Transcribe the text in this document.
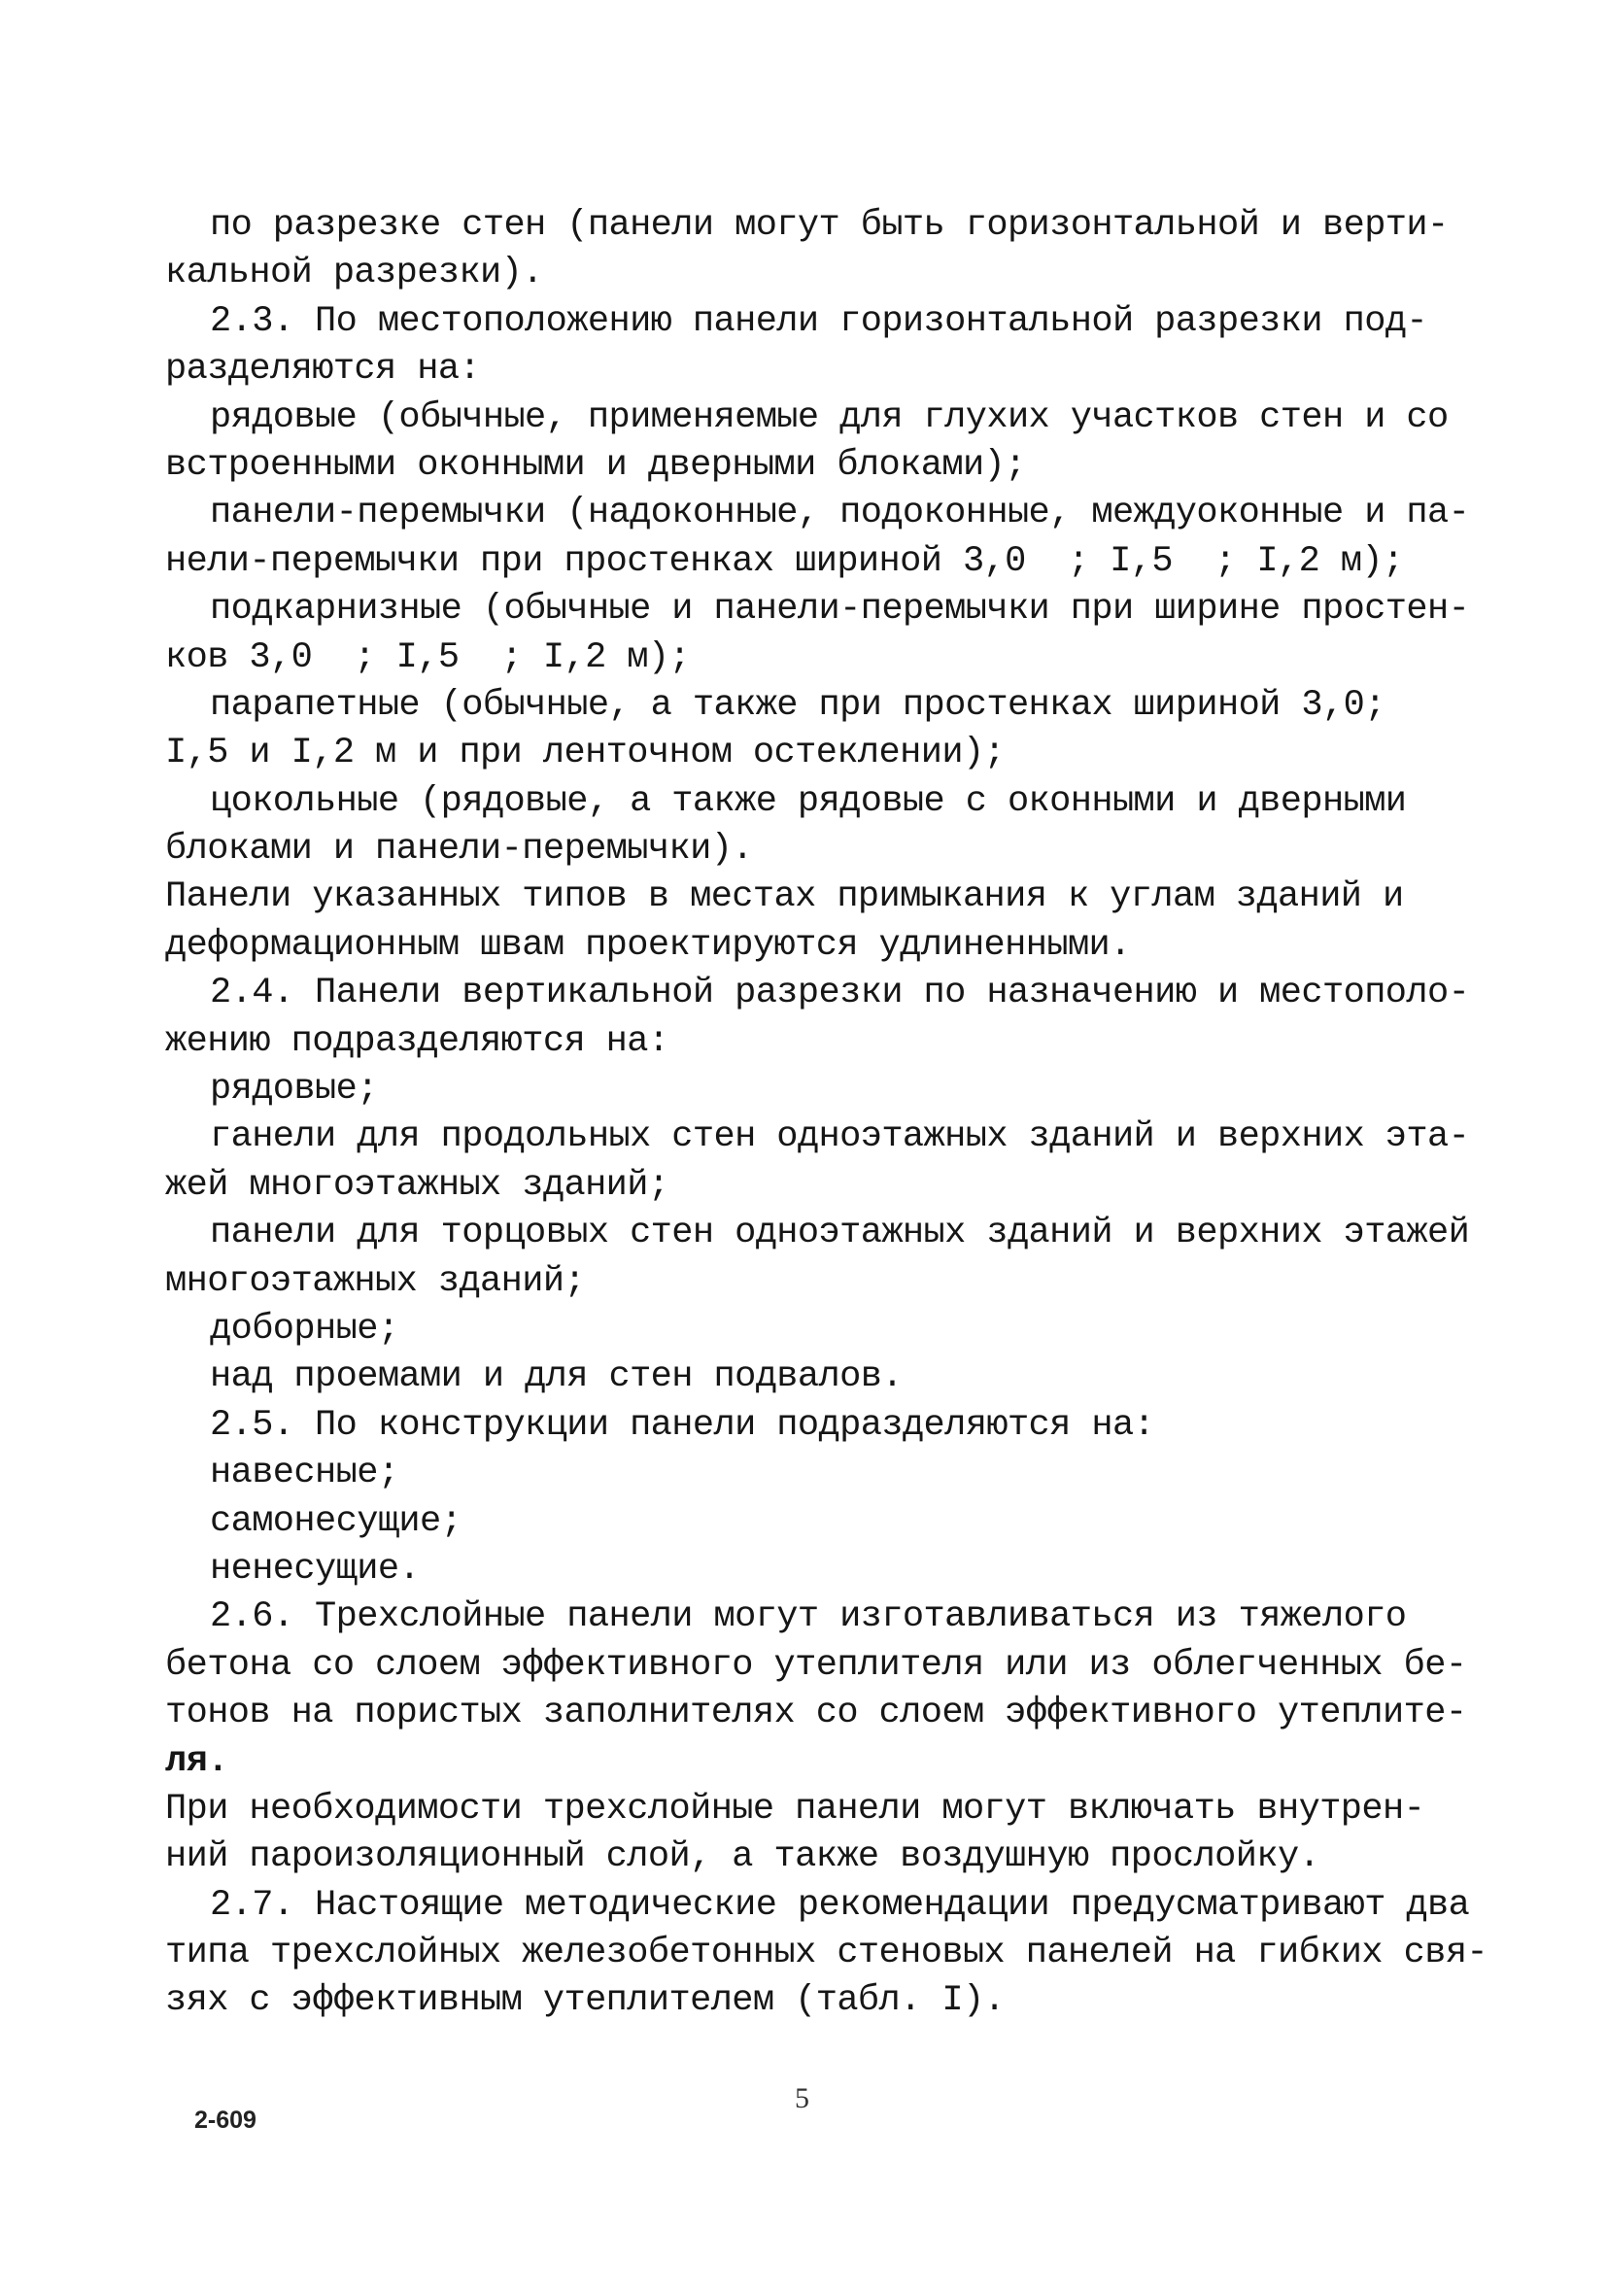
по разрезке стен (панели могут быть горизонтальной и верти-
кальной разрезки).
2.3. По местоположению панели горизонтальной разрезки под-
разделяются на:
рядовые (обычные, применяемые для глухих участков стен и со
встроенными оконными и дверными блоками);
панели-перемычки (надоконные, подоконные, междуоконные и па-
нели-перемычки при простенках шириной 3,0  ; I,5  ; I,2 м);
подкарнизные (обычные и панели-перемычки при ширине простен-
ков 3,0  ; I,5  ; I,2 м);
парапетные (обычные, а также при простенках шириной 3,0;
I,5 и I,2 м и при ленточном остеклении);
цокольные (рядовые, а также рядовые с оконными и дверными
блоками и панели-перемычки).
Панели указанных типов в местах примыкания к углам зданий и
деформационным швам проектируются удлиненными.
2.4. Панели вертикальной разрезки по назначению и местополо-
жению подразделяются на:
рядовые;
ганели для продольных стен одноэтажных зданий и верхних эта-
жей многоэтажных зданий;
панели для торцовых стен одноэтажных зданий и верхних этажей
многоэтажных зданий;
доборные;
над проемами и для стен подвалов.
2.5. По конструкции панели подразделяются на:
навесные;
самонесущие;
ненесущие.
2.6. Трехслойные панели могут изготавливаться из тяжелого
бетона со слоем эффективного утеплителя или из облегченных бе-
тонов на пористых заполнителях со слоем эффективного утеплите-
ля.
При необходимости трехслойные панели могут включать внутрен-
ний пароизоляционный слой, а также воздушную прослойку.
2.7. Настоящие методические рекомендации предусматривают два
типа трехслойных железобетонных стеновых панелей на гибких свя-
зях с эффективным утеплителем (табл. I).
5
2-609
